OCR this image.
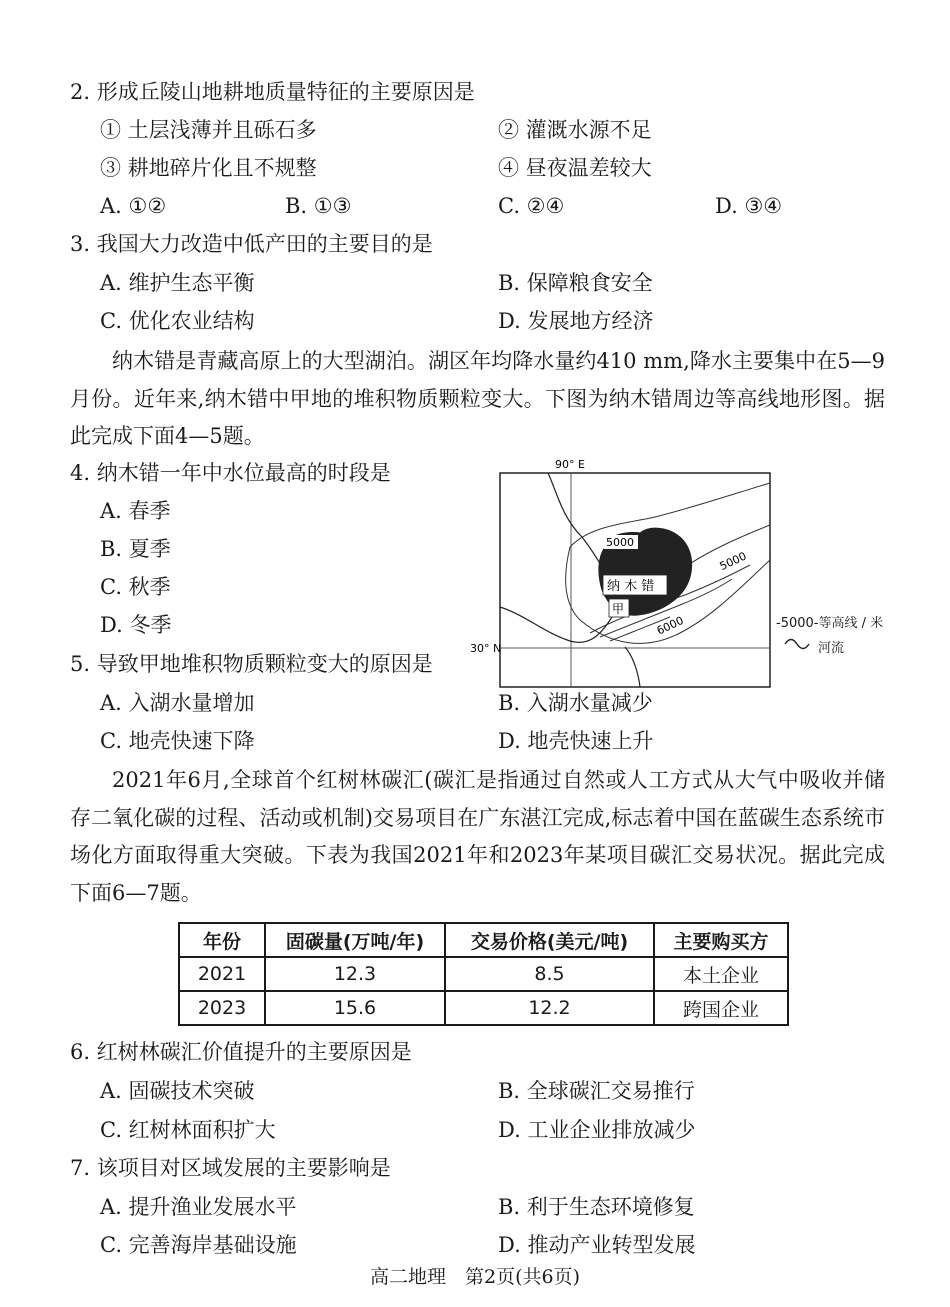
2. 形成丘陵山地耕地质量特征的主要原因是
① 土层浅薄并且砾石多	② 灌溉水源不足
③ 耕地碎片化且不规整	④ 昼夜温差较大
A. ①②	B. ①③	C. ②④	D. ③④
3. 我国大力改造中低产田的主要目的是
A. 维护生态平衡	B. 保障粮食安全
C. 优化农业结构	D. 发展地方经济

纳木错是青藏高原上的大型湖泊。湖区年均降水量约410 mm,降水主要集中在5—9月份。近年来,纳木错中甲地的堆积物质颗粒变大。下图为纳木错周边等高线地形图。据此完成下面4—5题。

4. 纳木错一年中水位最高的时段是
A. 春季
B. 夏季
C. 秋季
D. 冬季
90° E
30° N
纳 木 错
甲
5000
5000
6000	-5000-等高线 / 米
河流
5. 导致甲地堆积物质颗粒变大的原因是
A. 入湖水量增加	B. 入湖水量减少
C. 地壳快速下降	D. 地壳快速上升

2021年6月,全球首个红树林碳汇(碳汇是指通过自然或人工方式从大气中吸收并储存二氧化碳的过程、活动或机制)交易项目在广东湛江完成,标志着中国在蓝碳生态系统市场化方面取得重大突破。下表为我国2021年和2023年某项目碳汇交易状况。据此完成下面6—7题。

年份	固碳量(万吨/年)	交易价格(美元/吨)	主要购买方
2021	12.3	8.5	本土企业
2023	15.6	12.2	跨国企业
6. 红树林碳汇价值提升的主要原因是
A. 固碳技术突破	B. 全球碳汇交易推行
C. 红树林面积扩大	D. 工业企业排放减少
7. 该项目对区域发展的主要影响是
A. 提升渔业发展水平	B. 利于生态环境修复
C. 完善海岸基础设施	D. 推动产业转型发展
高二地理　第2页(共6页)
